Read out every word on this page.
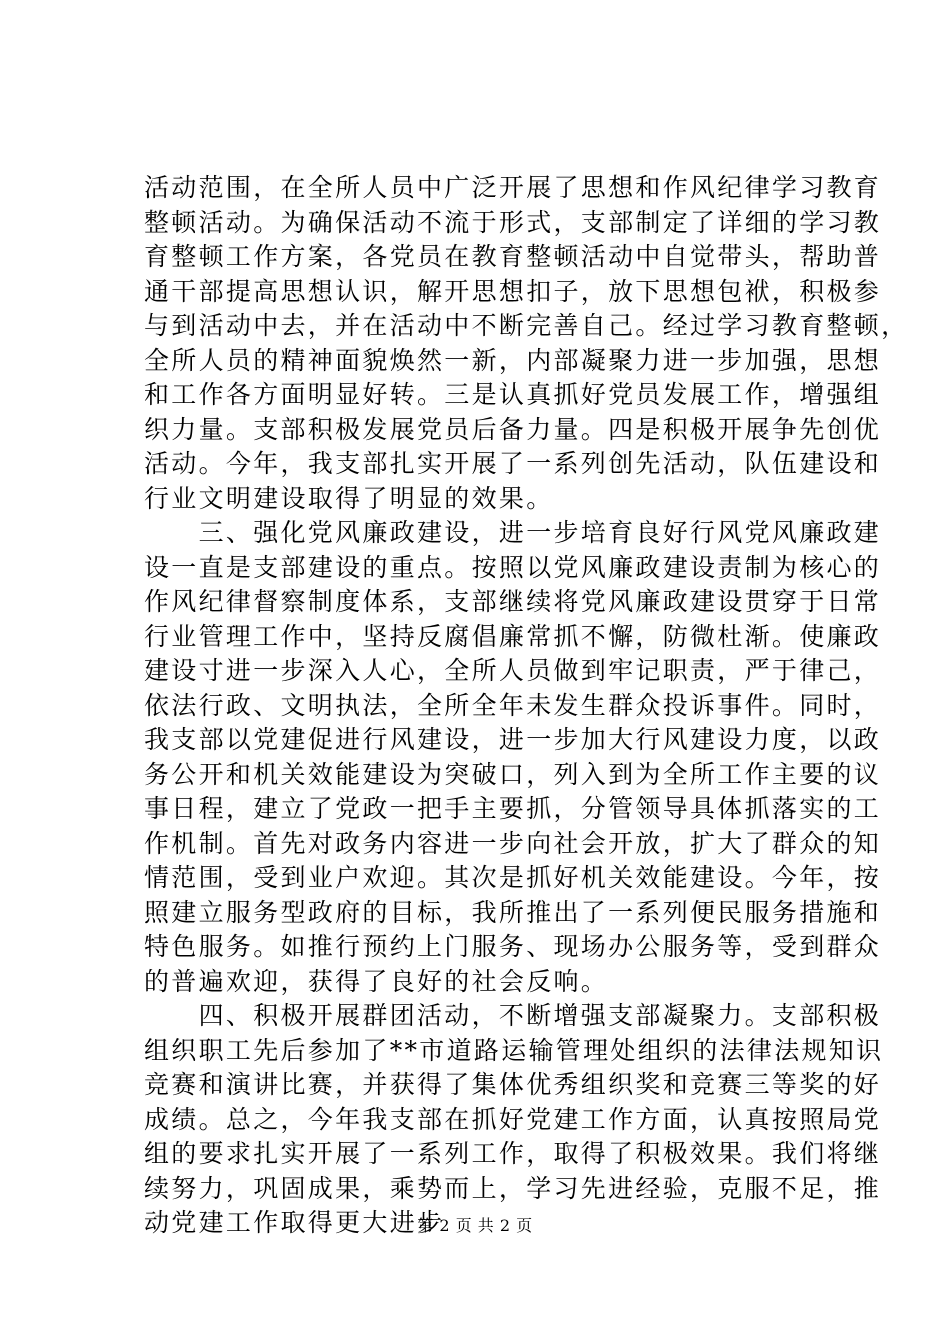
活动范围，在全所人员中广泛开展了思想和作风纪律学习教育
整顿活动。为确保活动不流于形式，支部制定了详细的学习教
育整顿工作方案，各党员在教育整顿活动中自觉带头，帮助普
通干部提高思想认识，解开思想扣子，放下思想包袱，积极参
与到活动中去，并在活动中不断完善自己。经过学习教育整顿，
全所人员的精神面貌焕然一新，内部凝聚力进一步加强，思想
和工作各方面明显好转。三是认真抓好党员发展工作，增强组
织力量。支部积极发展党员后备力量。四是积极开展争先创优
活动。今年，我支部扎实开展了一系列创先活动，队伍建设和
行业文明建设取得了明显的效果。
　　三、强化党风廉政建设，进一步培育良好行风党风廉政建
设一直是支部建设的重点。按照以党风廉政建设责制为核心的
作风纪律督察制度体系，支部继续将党风廉政建设贯穿于日常
行业管理工作中，坚持反腐倡廉常抓不懈，防微杜渐。使廉政
建设寸进一步深入人心，全所人员做到牢记职责，严于律己，
依法行政、文明执法，全所全年未发生群众投诉事件。同时，
我支部以党建促进行风建设，进一步加大行风建设力度，以政
务公开和机关效能建设为突破口，列入到为全所工作主要的议
事日程，建立了党政一把手主要抓，分管领导具体抓落实的工
作机制。首先对政务内容进一步向社会开放，扩大了群众的知
情范围，受到业户欢迎。其次是抓好机关效能建设。今年，按
照建立服务型政府的目标，我所推出了一系列便民服务措施和
特色服务。如推行预约上门服务、现场办公服务等，受到群众
的普遍欢迎，获得了良好的社会反响。
　　四、积极开展群团活动，不断增强支部凝聚力。支部积极
组织职工先后参加了**市道路运输管理处组织的法律法规知识
竞赛和演讲比赛，并获得了集体优秀组织奖和竞赛三等奖的好
成绩。总之，今年我支部在抓好党建工作方面，认真按照局党
组的要求扎实开展了一系列工作，取得了积极效果。我们将继
续努力，巩固成果，乘势而上，学习先进经验，克服不足，推
动党建工作取得更大进步
第 2 页 共 2 页
